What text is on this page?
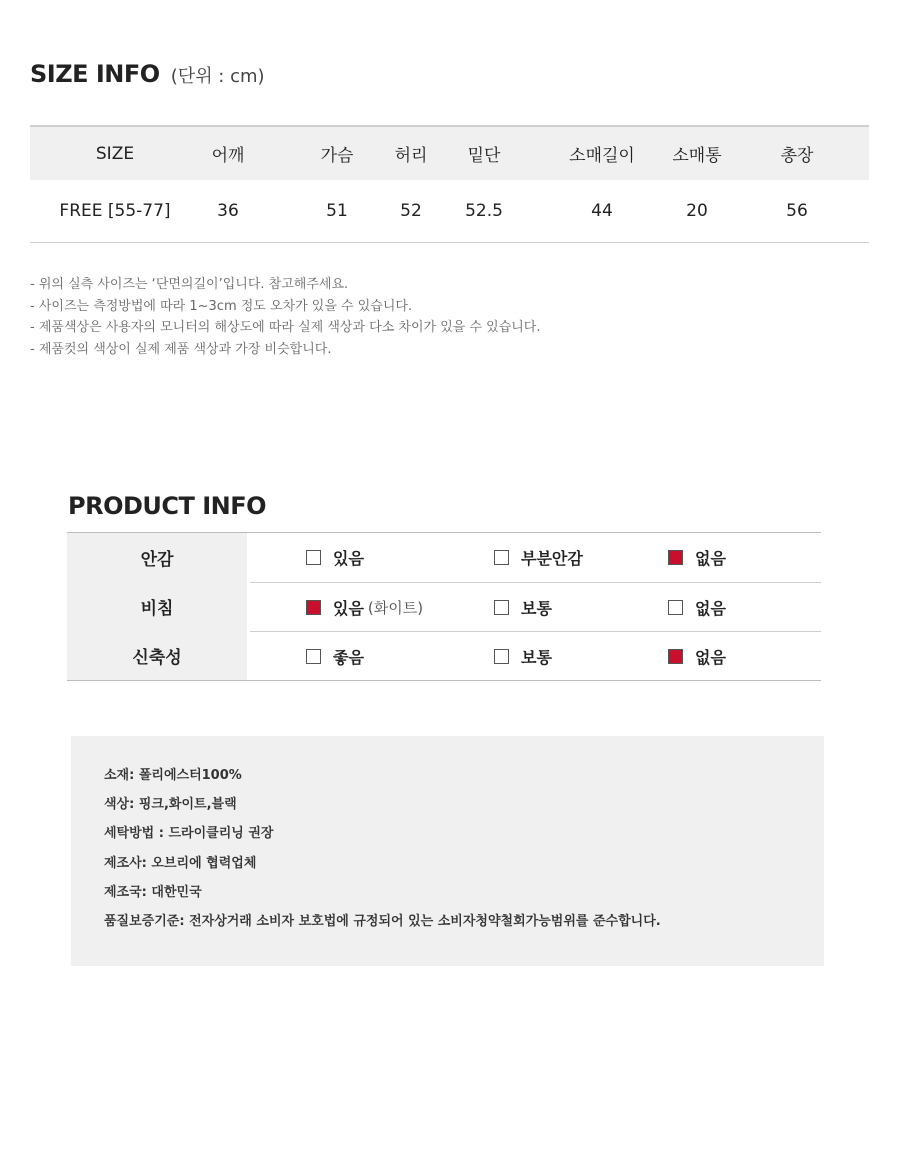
SIZE INFO (단위 : cm)
SIZE	어깨	가슴	허리	밑단	소매길이	소매통	총장
FREE [55-77]	36	51	52	52.5	44	20	56
- 위의 실측 사이즈는 ‘단면의길이’입니다. 참고해주세요.
- 사이즈는 측정방법에 따라 1~3cm 정도 오차가 있을 수 있습니다.
- 제품색상은 사용자의 모니터의 해상도에 따라 실제 색상과 다소 차이가 있을 수 있습니다.
- 제품컷의 색상이 실제 제품 색상과 가장 비슷합니다.
PRODUCT INFO
안감	있음	부분안감	없음
비침	있음 (화이트)	보통	없음
신축성	좋음	보통	없음
소재: 폴리에스터100%
색상: 핑크,화이트,블랙
세탁방법 : 드라이클리닝 권장
제조사: 오브리에 협력업체
제조국: 대한민국
품질보증기준: 전자상거래 소비자 보호법에 규정되어 있는 소비자청약철회가능범위를 준수합니다.
